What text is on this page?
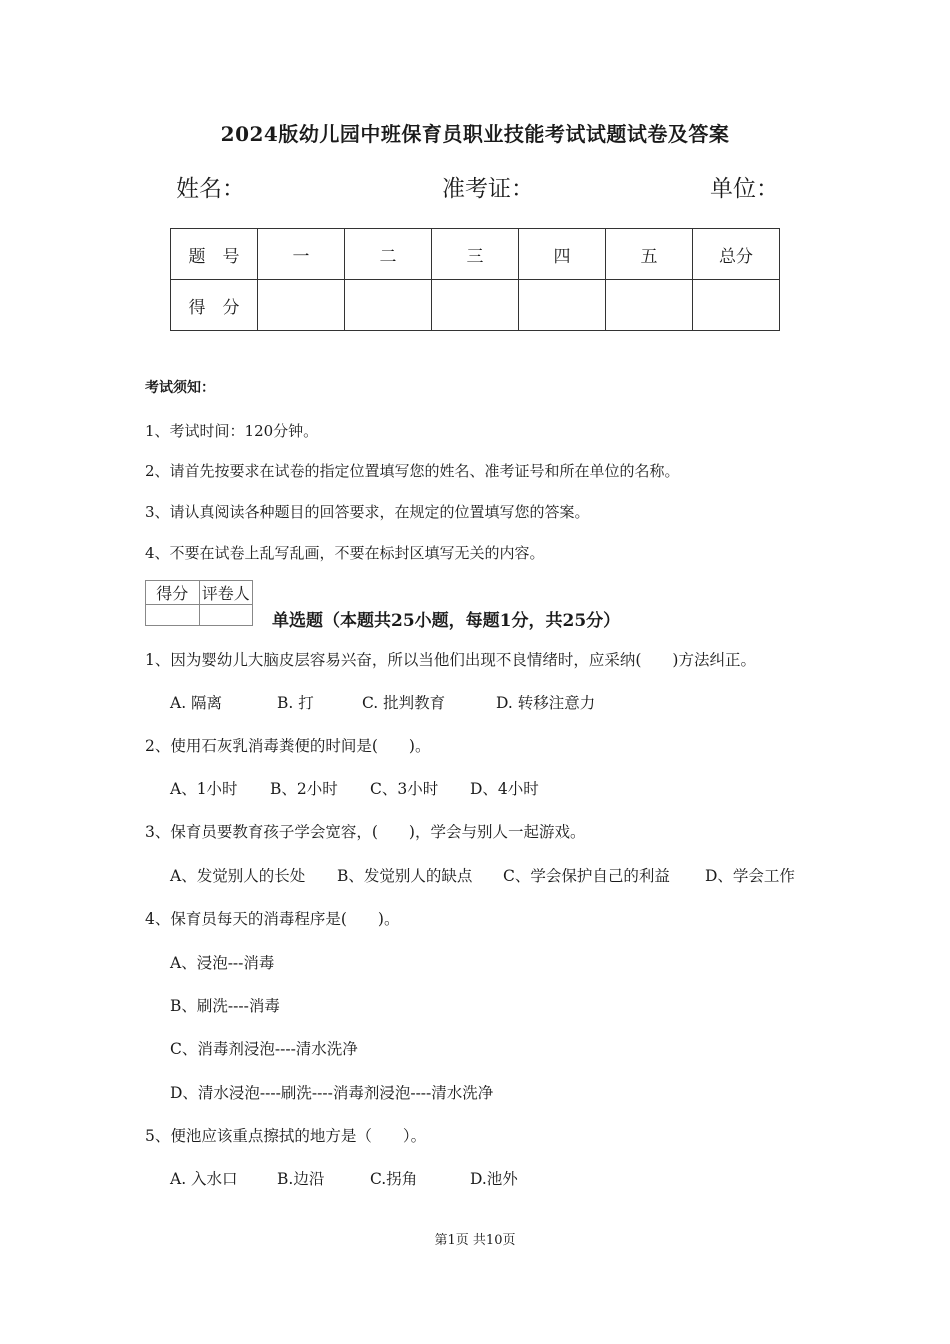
2024版幼儿园中班保育员职业技能考试试题试卷及答案
姓名：	准考证：	单位：
题　号	一	二	三	四	五	总分
得　分						
考试须知：
1、考试时间：120分钟。
2、请首先按要求在试卷的指定位置填写您的姓名、准考证号和所在单位的名称。
3、请认真阅读各种题目的回答要求，在规定的位置填写您的答案。
4、不要在试卷上乱写乱画，不要在标封区填写无关的内容。
得分	评卷人

单选题（本题共25小题，每题1分，共25分）
1、因为婴幼儿大脑皮层容易兴奋，所以当他们出现不良情绪时，应采纳(　　)方法纠正。
A. 隔离	B. 打	C. 批判教育	D. 转移注意力
2、使用石灰乳消毒粪便的时间是(　　)。
A、1小时 B、2小时 C、3小时 D、4小时
3、保育员要教育孩子学会宽容，(　　)，学会与别人一起游戏。
A、发觉别人的长处 B、发觉别人的缺点 C、学会保护自己的利益 D、学会工作
4、保育员每天的消毒程序是(　　)。
A、浸泡---消毒
B、刷洗----消毒
C、消毒剂浸泡----清水洗净
D、清水浸泡----刷洗----消毒剂浸泡----清水洗净
5、便池应该重点擦拭的地方是（　　）。
A. 入水口	B.边沿	C.拐角	D.池外
第1页 共10页
